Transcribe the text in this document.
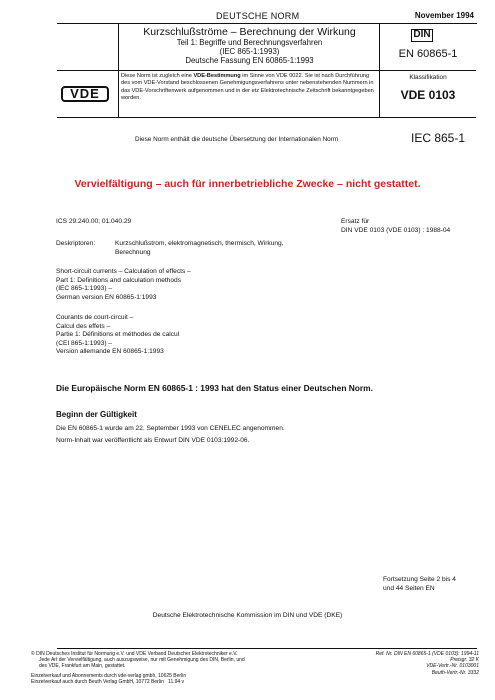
DEUTSCHE NORM	November 1994
Kurzschlußströme – Berechnung der Wirkung
Teil 1: Begriffe und Berechnungsverfahren
(IEC 865-1:1993)
Deutsche Fassung EN 60865-1:1993
DIN
EN 60865-1
VDE
Diese Norm ist zugleich eine VDE-Bestimmung im Sinne von VDE 0022. Sie ist nach Durchführung des vom VDE-Vorstand beschlossenen Genehmigungsverfahrens unter nebenstehenden Nummern in das VDE-Vorschriftenwerk aufgenommen und in der etz Elektrotechnische Zeitschrift bekanntgegeben worden.
Klassifikation
VDE 0103
Diese Norm enthält die deutsche Übersetzung der Internationalen Norm	IEC 865-1
Vervielfältigung – auch für innerbetriebliche Zwecke – nicht gestattet.
ICS 29.240.00; 01.040.29	Ersatz für
DIN VDE 0103 (VDE 0103) : 1988-04
Deskriptoren:	Kurzschlußstrom, elektromagnetisch, thermisch, Wirkung, Berechnung
Short-circuit currents – Calculation of effects –
Part 1: Definitions and calculation methods
(IEC 865-1:1993) –
German version EN 60865-1:1993
Courants de court-circuit –
Calcul des effets –
Partie 1: Définitions et méthodes de calcul
(CEI 865-1:1993) –
Version allemande EN 60865-1:1993
Die Europäische Norm EN 60865-1 : 1993 hat den Status einer Deutschen Norm.
Beginn der Gültigkeit
Die EN 60865-1 wurde am 22. September 1993 von CENELEC angenommen.
Norm-Inhalt war veröffentlicht als Entwurf DIN VDE 0103:1992-06.
Fortsetzung Seite 2 bis 4
und 44 Seiten EN
Deutsche Elektrotechnische Kommission im DIN und VDE (DKE)
© DIN Deutsches Institut für Normung e.V. und VDE Verband Deutscher Elektrotechniker e.V.
Jede Art der Vervielfältigung, auch auszugsweise, nur mit Genehmigung des DIN, Berlin, und
des VDE, Frankfurt am Main, gestattet.
Einzelverkauf und Abonnements durch vde-verlag gmbh, 10625 Berlin
Einzelverkauf auch durch Beuth Verlag GmbH, 10772 Berlin 11.94 v
Ref. Nr. DIN EN 60865-1 (VDE 0103): 1994-11
Preisgr. 32 K
VDE-Vertr.-Nr. 0103001
Beuth-Vertr.-Nr. 3332
